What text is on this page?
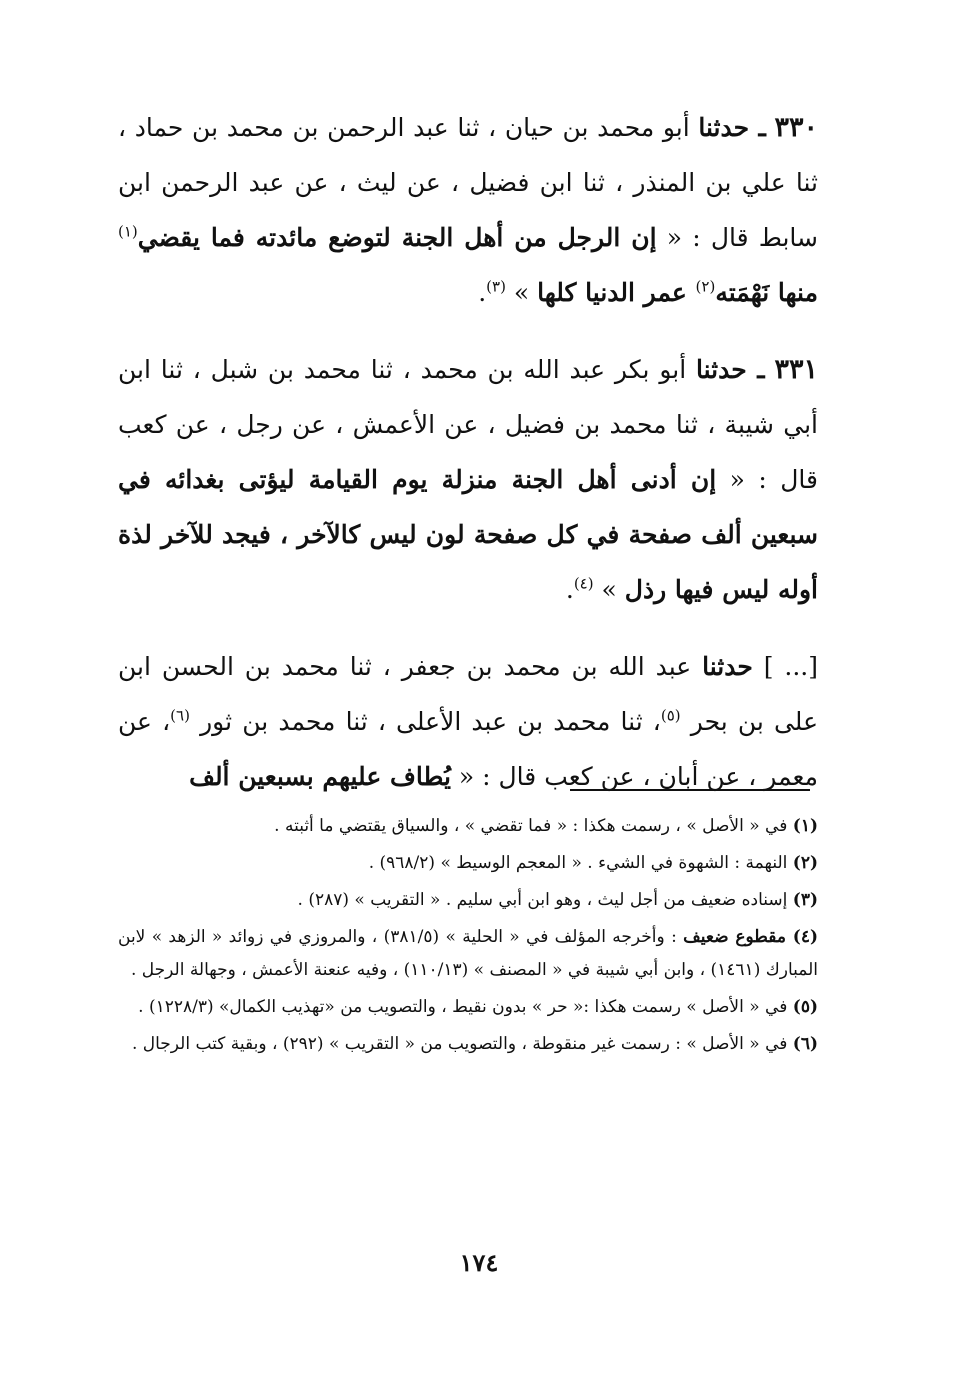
٣٣٠ ـ حدثنا أبو محمد بن حيان ، ثنا عبد الرحمن بن محمد بن حماد ، ثنا علي بن المنذر ، ثنا ابن فضيل ، عن ليث ، عن عبد الرحمن ابن سابط قال : « إن الرجل من أهل الجنة لتوضع مائدته فما يقضي$^{(١)}$ منها نَهْمَته$^{(٢)}$ عمر الدنيا كلها » $^{(٣)}$.

٣٣١ ـ حدثنا أبو بكر عبد الله بن محمد ، ثنا محمد بن شبل ، ثنا ابن أبي شيبة ، ثنا محمد بن فضيل ، عن الأعمش ، عن رجل ، عن كعب قال : « إن أدنى أهل الجنة منزلة يوم القيامة ليؤتى بغدائه في سبعين ألف صفحة في كل صفحة لون ليس كالآخر ، فيجد للآخر لذة أوله ليس فيها رذل » $^{(٤)}$.

[... ] حدثنا عبد الله بن محمد بن جعفر ، ثنا محمد بن الحسن ابن على بن بحر $^{(٥)}$، ثنا محمد بن عبد الأعلى ، ثنا محمد بن ثور $^{(٦)}$، عن معمر ، عن أبان ، عن كعب قال : « يُطاف عليهم بسبعين ألف

(١) في « الأصل » ، رسمت هكذا : « فما تقضي » ، والسياق يقتضي ما أثبته .

(٢) النهمة : الشهوة في الشيء . « المعجم الوسيط » (٩٦٨/٢) .

(٣) إسناده ضعيف من أجل ليث ، وهو ابن أبي سليم . « التقريب » (٢٨٧) .

(٤) مقطوع ضعيف : وأخرجه المؤلف في « الحلية » (٣٨١/٥) ، والمروزي في زوائد « الزهد » لابن المبارك (١٤٦١) ، وابن أبي شيبة في « المصنف » (١١٠/١٣) ، وفيه عنعنة الأعمش ، وجهالة الرجل .

(٥) في « الأصل » رسمت هكذا :« حر » بدون نقيط ، والتصويب من «تهذيب الكمال» (١٢٢٨/٣) .

(٦) في « الأصل » : رسمت غير منقوطة ، والتصويب من « التقريب » (٢٩٢) ، وبقية كتب الرجال .

١٧٤
